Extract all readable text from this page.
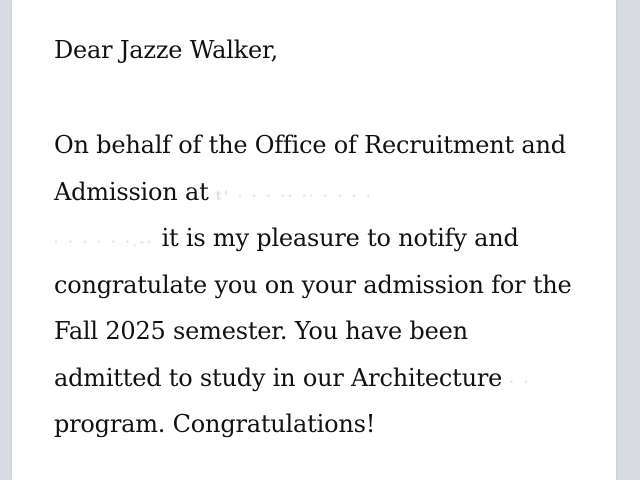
Dear Jazze Walker,

On behalf of the Office of Recruitment and
Admission at t' · · · ·· ·· · · · ·
· · · · · ·.-· it is my pleasure to notify and
congratulate you on your admission for the
Fall 2025 semester. You have been
admitted to study in our Architecture · ·
program. Congratulations!
